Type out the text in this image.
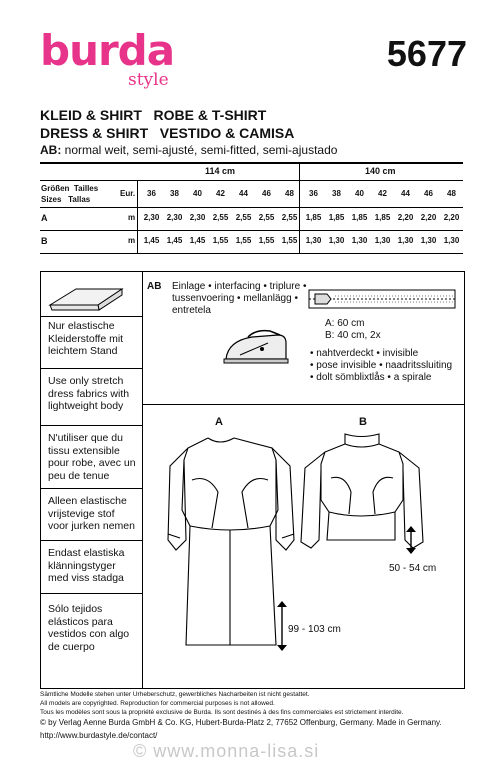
burda
style
5677
KLEID & SHIRT   ROBE & T-SHIRT
DRESS & SHIRT   VESTIDO & CAMISA
AB: normal weit, semi-ajusté, semi-fitted, semi-ajustado
114 cm	140 cm
Größen  Tailles
Sizes   Tallas
Eur.	36	38	40	42	44	46	48	36	38	40	42	44	46	48
A	m	2,30 2,30 2,30 2,55 2,55 2,55 2,55	1,85 1,85 1,85 1,85 2,20 2,20 2,20
B	m	1,45 1,45 1,45 1,55 1,55 1,55 1,55	1,30 1,30 1,30 1,30 1,30 1,30 1,30
Nur elastische Kleiderstoffe mit leichtem Stand
Use only stretch dress fabrics with lightweight body
N'utiliser que du tissu extensible pour robe, avec un peu de tenue
Alleen elastische vrijstevige stof voor jurken nemen
Endast elastiska klänningstyger med viss stadga
Sólo tejidos elásticos para vestidos con algo de cuerpo
AB Einlage • interfacing • triplure •
tussenvoering • mellanlägg •
entretela
A: 60 cm
B: 40 cm, 2x
• nahtverdeckt • invisible
• pose invisible • naadritssluiting
• dolt sömblixtlås • a spirale
A	B
50 - 54 cm
99 - 103 cm
Sämtliche Modelle stehen unter Urheberschutz, gewerbliches Nacharbeiten ist nicht gestattet.
All models are copyrighted. Reproduction for commercial purposes is not allowed.
Tous les modèles sont sous la propriété exclusive de Burda. Ils sont destinés à des fins commerciales est strictement interdite.
© by Verlag Aenne Burda GmbH & Co. KG, Hubert-Burda-Platz 2, 77652 Offenburg, Germany. Made in Germany.
http://www.burdastyle.de/contact/
© www.monna-lisa.si
